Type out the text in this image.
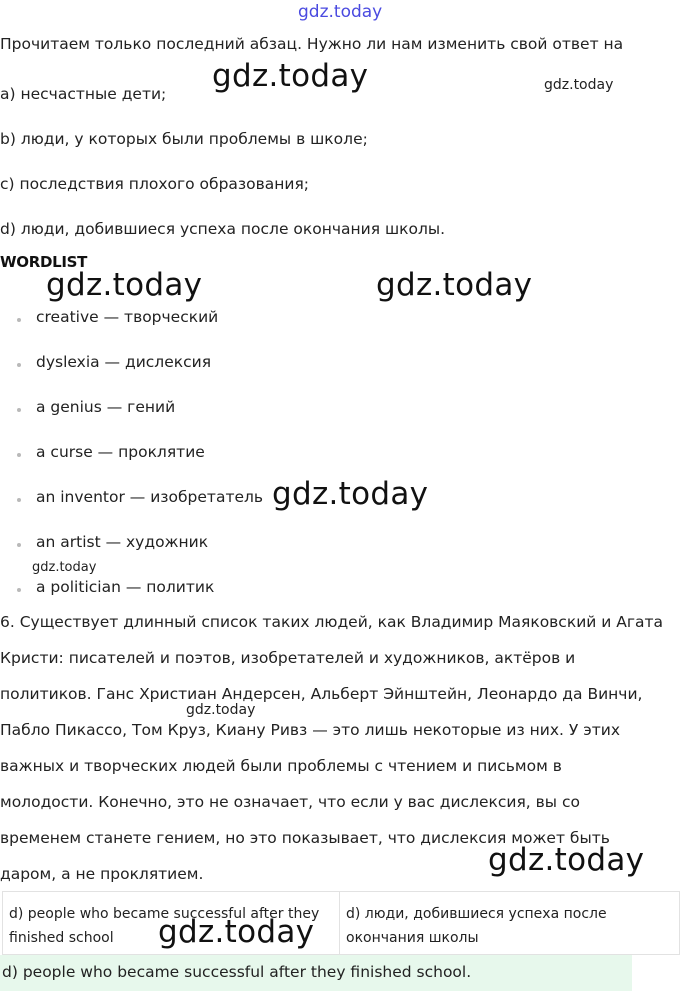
gdz.today
Прочитаем только последний абзац. Нужно ли нам изменить свой ответ на
a) несчастные дети;
b) люди, у которых были проблемы в школе;
c) последствия плохого образования;
d) люди, добившиеся успеха после окончания школы.
gdz.today	gdz.today
WORDLIST
gdz.today	gdz.today
creative — творческий
dyslexia — дислексия
a genius — гений
a curse — проклятие
an inventor — изобретатель
an artist — художник
a politician — политик
gdz.today
gdz.today
6. Существует длинный список таких людей, как Владимир Маяковский и Агата
Кристи: писателей и поэтов, изобретателей и художников, актёров и
политиков. Ганс Христиан Андерсен, Альберт Эйнштейн, Леонардо да Винчи,
Пабло Пикассо, Том Круз, Киану Ривз — это лишь некоторые из них. У этих
важных и творческих людей были проблемы с чтением и письмом в
молодости. Конечно, это не означает, что если у вас дислексия, вы со
временем станете гением, но это показывает, что дислексия может быть
даром, а не проклятием.
gdz.today
gdz.today
d) people who became successful after they finished school	d) люди, добившиеся успеха после окончания школы
gdz.today
d) people who became successful after they finished school.
